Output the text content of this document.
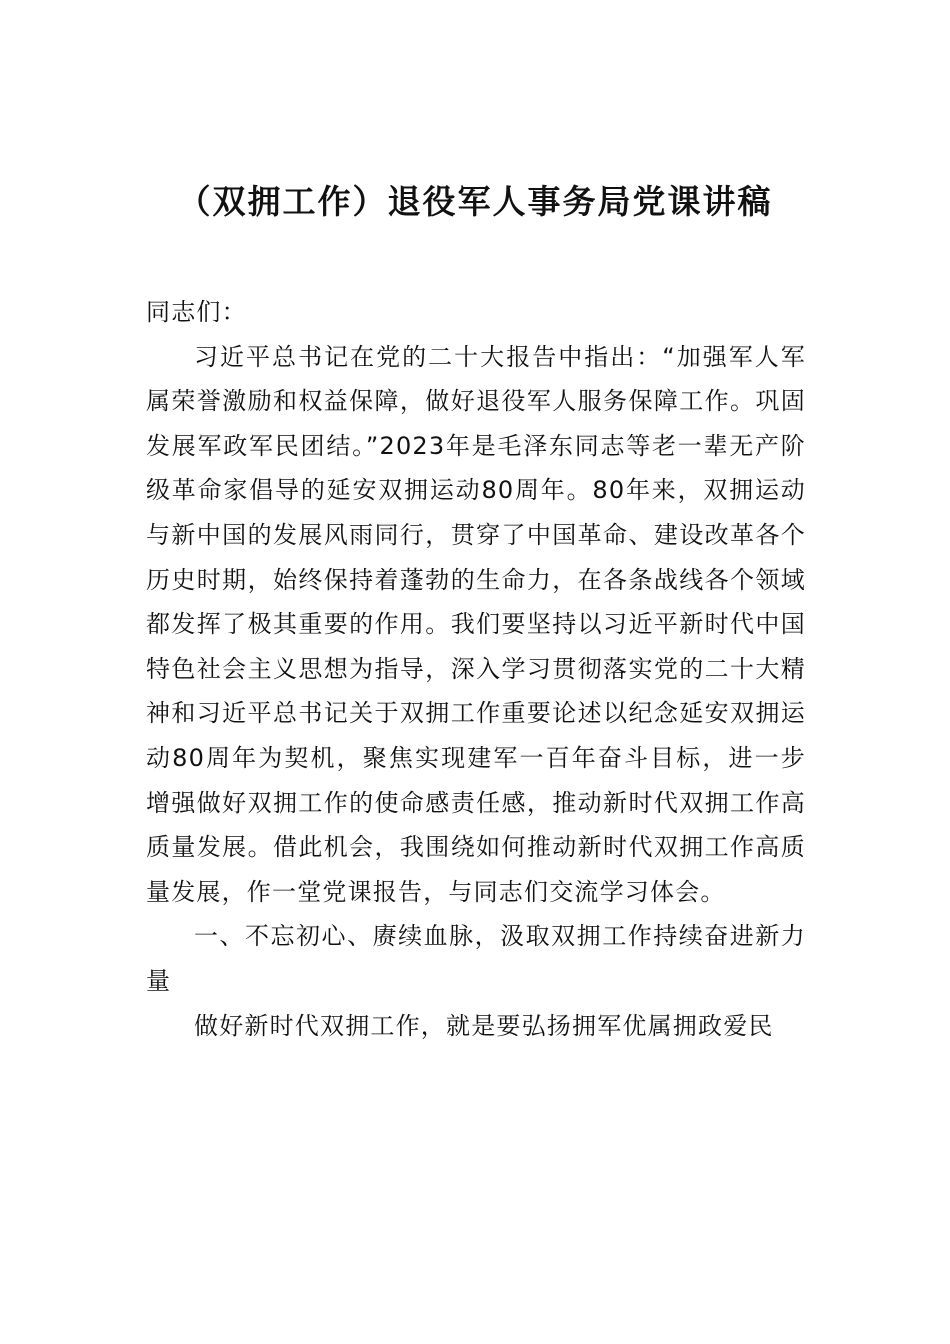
（双拥工作）退役军人事务局党课讲稿

同志们：

习近平总书记在党的二十大报告中指出：“加强军人军属荣誉激励和权益保障，做好退役军人服务保障工作。巩固发展军政军民团结。”2023年是毛泽东同志等老一辈无产阶级革命家倡导的延安双拥运动80周年。80年来，双拥运动与新中国的发展风雨同行，贯穿了中国革命、建设改革各个历史时期，始终保持着蓬勃的生命力，在各条战线各个领域都发挥了极其重要的作用。我们要坚持以习近平新时代中国特色社会主义思想为指导，深入学习贯彻落实党的二十大精神和习近平总书记关于双拥工作重要论述以纪念延安双拥运动80周年为契机，聚焦实现建军一百年奋斗目标，进一步增强做好双拥工作的使命感责任感，推动新时代双拥工作高质量发展。借此机会，我围绕如何推动新时代双拥工作高质量发展，作一堂党课报告，与同志们交流学习体会。

一、不忘初心、赓续血脉，汲取双拥工作持续奋进新力量

做好新时代双拥工作，就是要弘扬拥军优属拥政爱民
